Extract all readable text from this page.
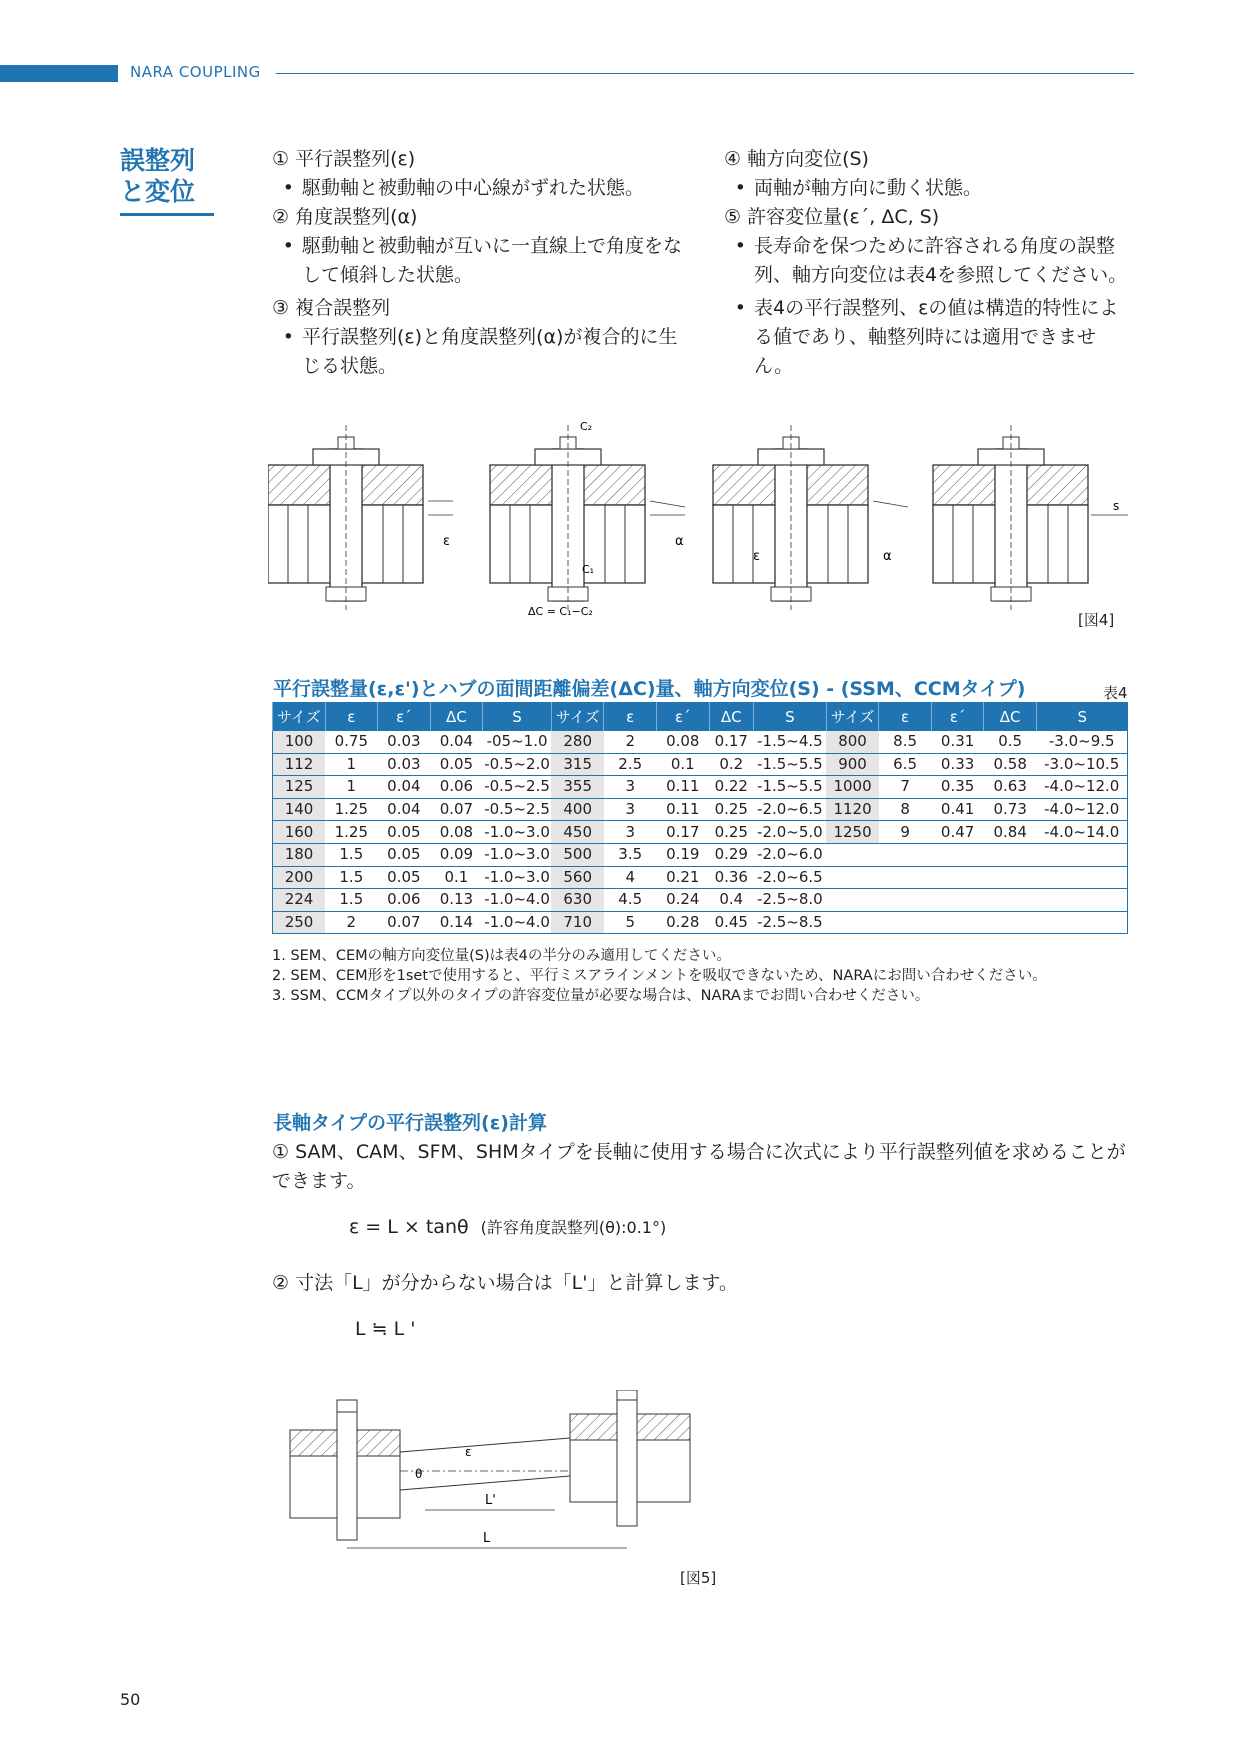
NARA COUPLING
誤整列
と変位

① 平行誤整列(ε)

• 駆動軸と被動軸の中心線がずれた状態。

② 角度誤整列(α)

• 駆動軸と被動軸が互いに一直線上で角度をなして傾斜した状態。

③ 複合誤整列

• 平行誤整列(ε)と角度誤整列(α)が複合的に生じる状態。

④ 軸方向変位(S)

• 両軸が軸方向に動く状態。

⑤ 許容変位量(ε´, ΔC, S)

• 長寿命を保つために許容される角度の誤整列、軸方向変位は表4を参照してください。
• 表4の平行誤整列、εの値は構造的特性による値であり、軸整列時には適用できません。
ε	α
C₂
C₁
ΔC = C₁−C₂
ε	α
s
[図4]
平行誤整量(ε,ε')とハブの面間距離偏差(ΔC)量、軸方向変位(S) - (SSM、CCMタイプ)	表4
サイズ	ε	ε´	ΔC	S	サイズ	ε	ε´	ΔC	S	サイズ	ε	ε´	ΔC	S
100	0.75	0.03	0.04	-05~1.0	280	2	0.08	0.17	-1.5~4.5	800	8.5	0.31	0.5	-3.0~9.5
112	1	0.03	0.05	-0.5~2.0	315	2.5	0.1	0.2	-1.5~5.5	900	6.5	0.33	0.58	-3.0~10.5
125	1	0.04	0.06	-0.5~2.5	355	3	0.11	0.22	-1.5~5.5	1000	7	0.35	0.63	-4.0~12.0
140	1.25	0.04	0.07	-0.5~2.5	400	3	0.11	0.25	-2.0~6.5	1120	8	0.41	0.73	-4.0~12.0
160	1.25	0.05	0.08	-1.0~3.0	450	3	0.17	0.25	-2.0~5.0	1250	9	0.47	0.84	-4.0~14.0
180	1.5	0.05	0.09	-1.0~3.0	500	3.5	0.19	0.29	-2.0~6.0					
200	1.5	0.05	0.1	-1.0~3.0	560	4	0.21	0.36	-2.0~6.5					
224	1.5	0.06	0.13	-1.0~4.0	630	4.5	0.24	0.4	-2.5~8.0					
250	2	0.07	0.14	-1.0~4.0	710	5	0.28	0.45	-2.5~8.5					
1. SEM、CEMの軸方向変位量(S)は表4の半分のみ適用してください。
2. SEM、CEM形を1setで使用すると、平行ミスアラインメントを吸収できないため、NARAにお問い合わせください。
3. SSM、CCMタイプ以外のタイプの許容変位量が必要な場合は、NARAまでお問い合わせください。
長軸タイプの平行誤整列(ε)計算
① SAM、CAM、SFM、SHMタイプを長軸に使用する場合に次式により平行誤整列値を求めることができます。
ε = L × tanθ (許容角度誤整列(θ):0.1°)
② 寸法「L」が分からない場合は「L'」と計算します。
L ≒ L '
L'
L
ε
θ
[図5]
50
